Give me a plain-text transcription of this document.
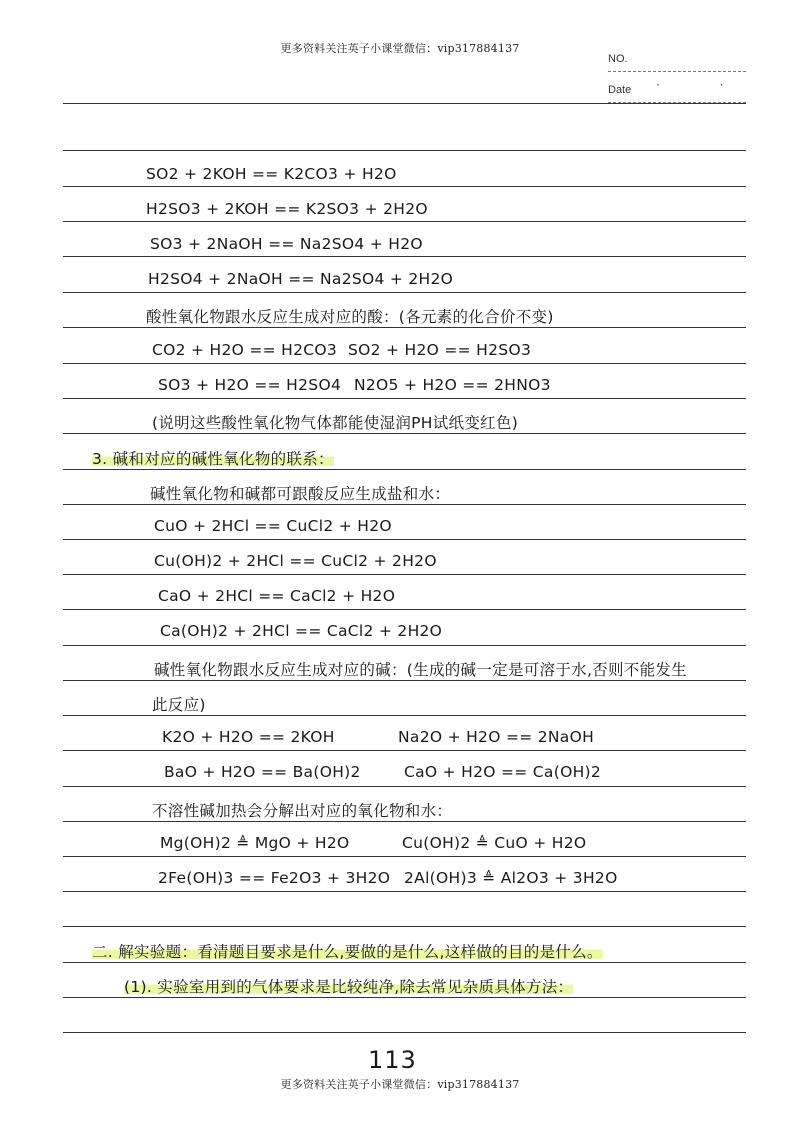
更多资料关注英子小课堂微信：vip317884137
NO.
Date · ·
SO2 + 2KOH == K2CO3 + H2O
H2SO3 + 2KOH == K2SO3 + 2H2O
SO3 + 2NaOH == Na2SO4 + H2O
H2SO4 + 2NaOH == Na2SO4 + 2H2O
酸性氧化物跟水反应生成对应的酸：(各元素的化合价不变)
CO2 + H2O == H2CO3 SO2 + H2O == H2SO3
SO3 + H2O == H2SO4 N2O5 + H2O == 2HNO3
(说明这些酸性氧化物气体都能使湿润PH试纸变红色)
3. 碱和对应的碱性氧化物的联系：
碱性氧化物和碱都可跟酸反应生成盐和水：
CuO + 2HCl == CuCl2 + H2O
Cu(OH)2 + 2HCl == CuCl2 + 2H2O
CaO + 2HCl == CaCl2 + H2O
Ca(OH)2 + 2HCl == CaCl2 + 2H2O
碱性氧化物跟水反应生成对应的碱：(生成的碱一定是可溶于水,否则不能发生
此反应)
K2O + H2O == 2KOH	Na2O + H2O == 2NaOH
BaO + H2O == Ba(OH)2	CaO + H2O == Ca(OH)2
不溶性碱加热会分解出对应的氧化物和水：
Mg(OH)2 ≜ MgO + H2O	Cu(OH)2 ≜ CuO + H2O
2Fe(OH)3 == Fe2O3 + 3H2O 2Al(OH)3 ≜ Al2O3 + 3H2O
二. 解实验题：看清题目要求是什么,要做的是什么,这样做的目的是什么。
(1). 实验室用到的气体要求是比较纯净,除去常见杂质具体方法：
113
更多资料关注英子小课堂微信：vip317884137
